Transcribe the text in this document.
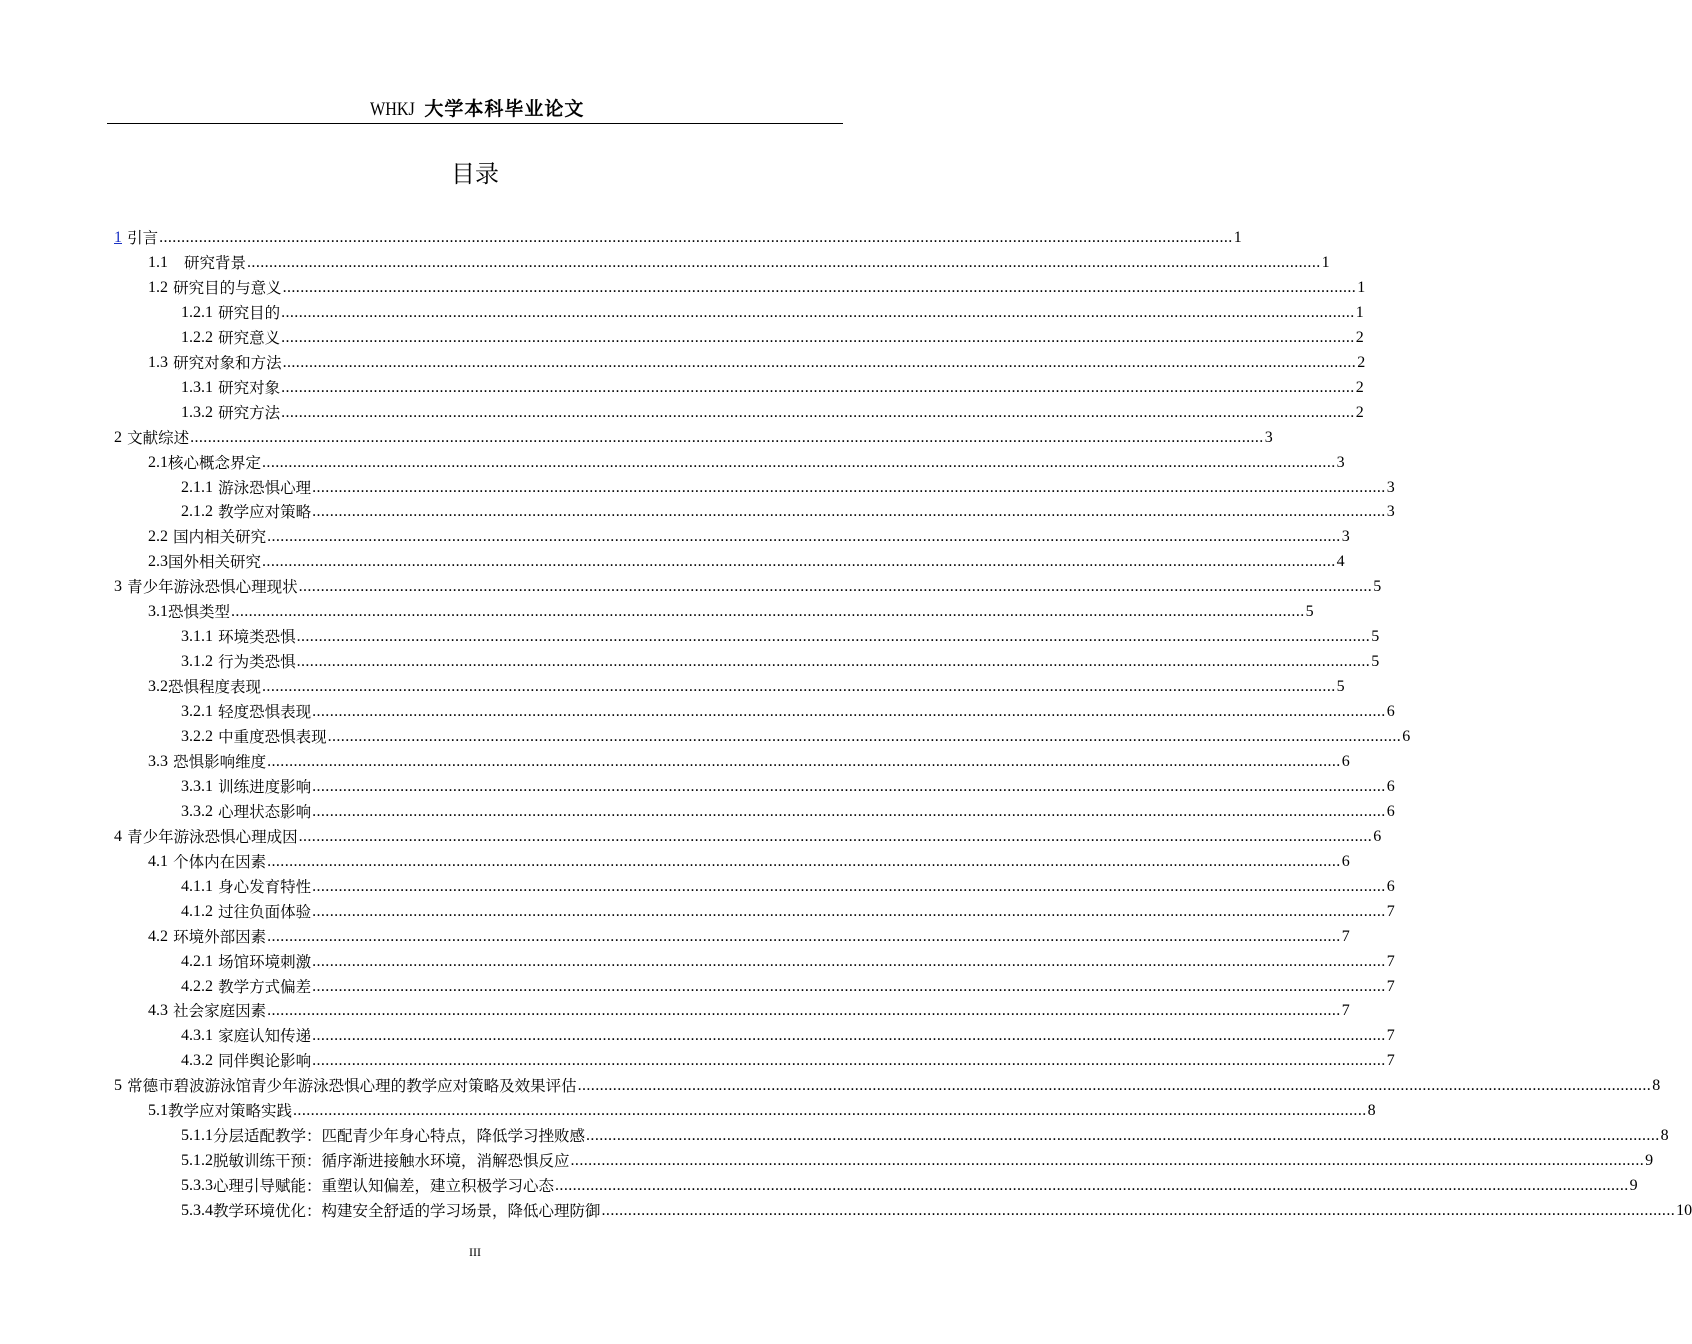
WHKJ 大学本科毕业论文
目录
1
引言 .................................................................................................................................................................................................................................................... 1
1.1
　 研究背景 .................................................................................................................................................................................................................................................... 1
1.2
研究目的与意义 .................................................................................................................................................................................................................................................... 1
1.2.1
研究目的 .................................................................................................................................................................................................................................................... 1
1.2.2
研究意义 .................................................................................................................................................................................................................................................... 2
1.3
研究对象和方法 .................................................................................................................................................................................................................................................... 2
1.3.1
研究对象 .................................................................................................................................................................................................................................................... 2
1.3.2
研究方法 .................................................................................................................................................................................................................................................... 2
2
文献综述 .................................................................................................................................................................................................................................................... 3
2.1 核心概念界定 .................................................................................................................................................................................................................................................... 3
2.1.1
游泳恐惧心理 .................................................................................................................................................................................................................................................... 3
2.1.2
教学应对策略 .................................................................................................................................................................................................................................................... 3
2.2
国内相关研究 .................................................................................................................................................................................................................................................... 3
2.3 国外相关研究 .................................................................................................................................................................................................................................................... 4
3
青少年游泳恐惧心理现状 .................................................................................................................................................................................................................................................... 5
3.1 恐惧类型 .................................................................................................................................................................................................................................................... 5
3.1.1
环境类恐惧 .................................................................................................................................................................................................................................................... 5
3.1.2
行为类恐惧 .................................................................................................................................................................................................................................................... 5
3.2 恐惧程度表现 .................................................................................................................................................................................................................................................... 5
3.2.1
轻度恐惧表现 .................................................................................................................................................................................................................................................... 6
3.2.2
中重度恐惧表现 .................................................................................................................................................................................................................................................... 6
3.3
恐惧影响维度 .................................................................................................................................................................................................................................................... 6
3.3.1
训练进度影响 .................................................................................................................................................................................................................................................... 6
3.3.2
心理状态影响 .................................................................................................................................................................................................................................................... 6
4
青少年游泳恐惧心理成因 .................................................................................................................................................................................................................................................... 6
4.1
个体内在因素 .................................................................................................................................................................................................................................................... 6
4.1.1
身心发育特性 .................................................................................................................................................................................................................................................... 6
4.1.2
过往负面体验 .................................................................................................................................................................................................................................................... 7
4.2
环境外部因素 .................................................................................................................................................................................................................................................... 7
4.2.1
场馆环境刺激 .................................................................................................................................................................................................................................................... 7
4.2.2
教学方式偏差 .................................................................................................................................................................................................................................................... 7
4.3
社会家庭因素 .................................................................................................................................................................................................................................................... 7
4.3.1
家庭认知传递 .................................................................................................................................................................................................................................................... 7
4.3.2
同伴舆论影响 .................................................................................................................................................................................................................................................... 7
5
常德市碧波游泳馆青少年游泳恐惧心理的教学应对策略及效果评估 .................................................................................................................................................................................................................................................... 8
5.1 教学应对策略实践 .................................................................................................................................................................................................................................................... 8
5.1.1 分层适配教学：匹配青少年身心特点，降低学习挫败感 .................................................................................................................................................................................................................................................... 8
5.1.2 脱敏训练干预：循序渐进接触水环境，消解恐惧反应 .................................................................................................................................................................................................................................................... 9
5.3.3 心理引导赋能：重塑认知偏差，建立积极学习心态 .................................................................................................................................................................................................................................................... 9
5.3.4 教学环境优化：构建安全舒适的学习场景，降低心理防御 .................................................................................................................................................................................................................................................... 10
III
